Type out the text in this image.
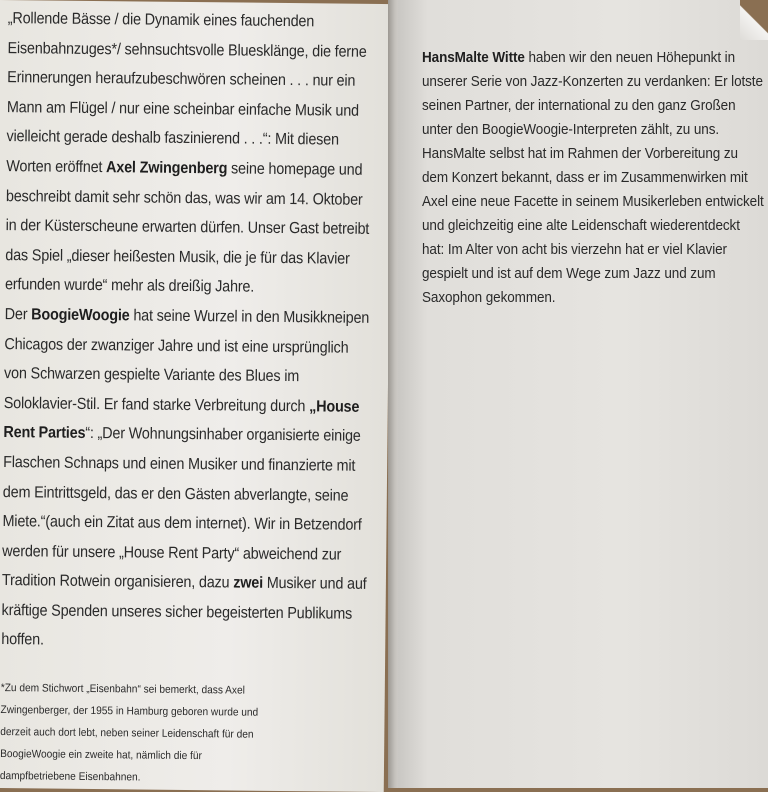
„Rollende Bässe / die Dynamik eines fauchenden Eisenbahnzuges*/ sehnsuchtsvolle Bluesklänge, die ferne Erinnerungen heraufzubeschwören scheinen . . . nur ein Mann am Flügel / nur eine scheinbar einfache Musik und vielleicht gerade deshalb faszinierend . . .“: Mit diesen Worten eröffnet Axel Zwingenberg seine homepage und beschreibt damit sehr schön das, was wir am 14. Oktober in der Küsterscheune erwarten dürfen. Unser Gast betreibt das Spiel „dieser heißesten Musik, die je für das Klavier erfunden wurde“ mehr als dreißig Jahre.

Der BoogieWoogie hat seine Wurzel in den Musikkneipen Chicagos der zwanziger Jahre und ist eine ursprünglich von Schwarzen gespielte Variante des Blues im Soloklavier-Stil. Er fand starke Verbreitung durch „House Rent Parties“: „Der Wohnungsinhaber organisierte einige Flaschen Schnaps und einen Musiker und finanzierte mit dem Eintrittsgeld, das er den Gästen abverlangte, seine Miete.“(auch ein Zitat aus dem internet). Wir in Betzendorf werden für unsere „House Rent Party“ abweichend zur Tradition Rotwein organisieren, dazu zwei Musiker und auf kräftige Spenden unseres sicher begeisterten Publikums hoffen.

*Zu dem Stichwort „Eisenbahn“ sei bemerkt, dass Axel Zwingenberger, der 1955 in Hamburg geboren wurde und derzeit auch dort lebt, neben seiner Leidenschaft für den BoogieWoogie ein zweite hat, nämlich die für dampfbetriebene Eisenbahnen.

HansMalte Witte haben wir den neuen Höhepunkt in unserer Serie von Jazz-Konzerten zu verdanken: Er lotste seinen Partner, der international zu den ganz Großen unter den BoogieWoogie-Interpreten zählt, zu uns. HansMalte selbst hat im Rahmen der Vorbereitung zu dem Konzert bekannt, dass er im Zusammenwirken mit Axel eine neue Facette in seinem Musikerleben entwickelt und gleichzeitig eine alte Leidenschaft wiederentdeckt hat: Im Alter von acht bis vierzehn hat er viel Klavier gespielt und ist auf dem Wege zum Jazz und zum Saxophon gekommen.
